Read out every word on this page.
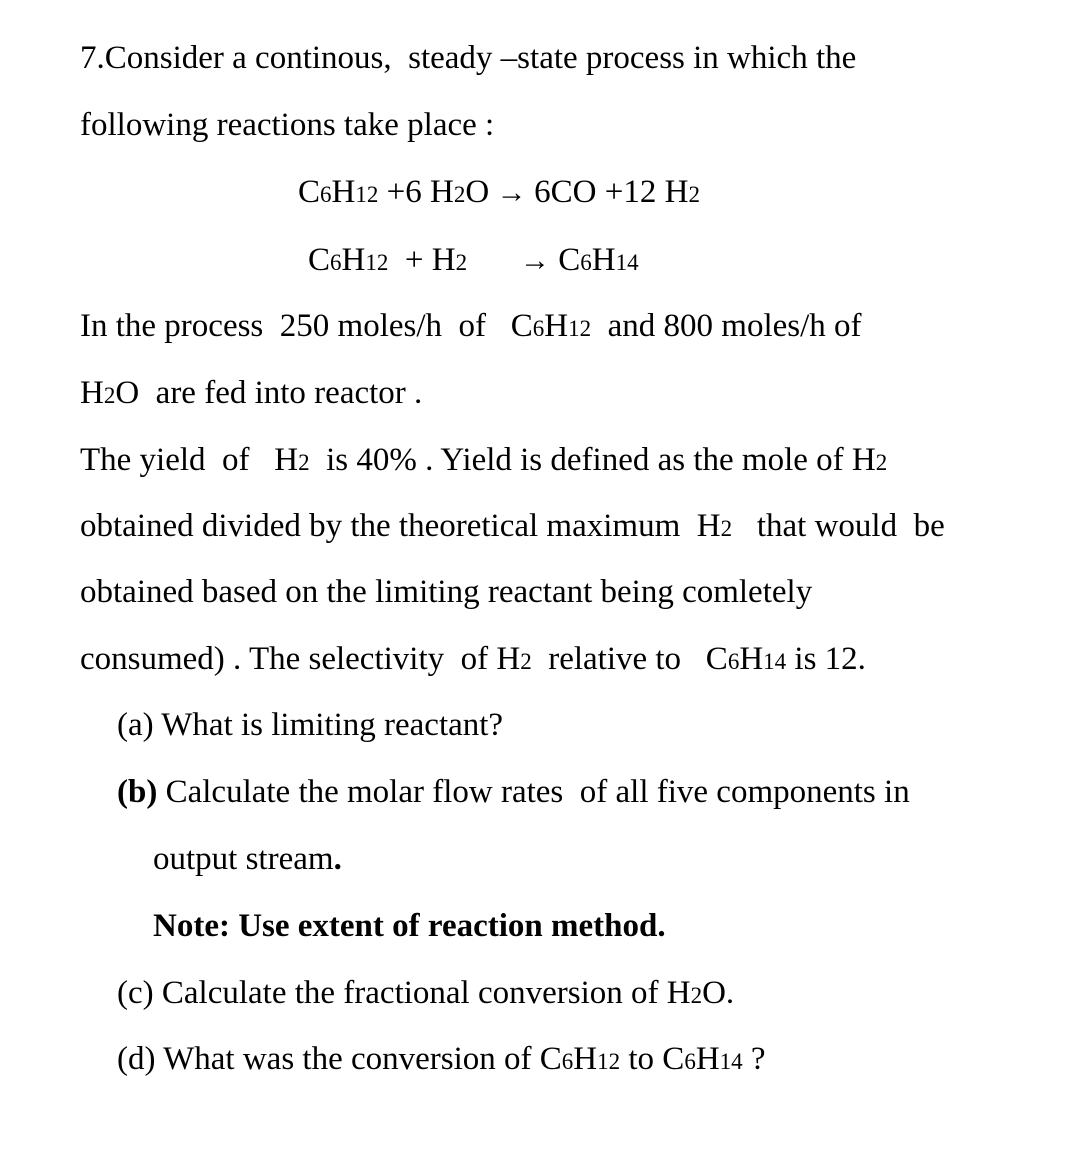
7.Consider a continous,  steady –state process in which the
following reactions take place :
C6H12 +6 H2O → 6CO +12 H2
C6H12  + H2 → C6H14
In the process  250 moles/h  of   C6H12  and 800 moles/h of
H2O  are fed into reactor .
The yield  of   H2  is 40% . Yield is defined as the mole of H2
obtained divided by the theoretical maximum  H2   that would  be
obtained based on the limiting reactant being comletely
consumed) . The selectivity  of H2  relative to   C6H14 is 12.
(a) What is limiting reactant?
(b) Calculate the molar flow rates  of all five components in
output stream.
Note: Use extent of reaction method.
(c) Calculate the fractional conversion of H2O.
(d) What was the conversion of C6H12 to C6H14 ?
